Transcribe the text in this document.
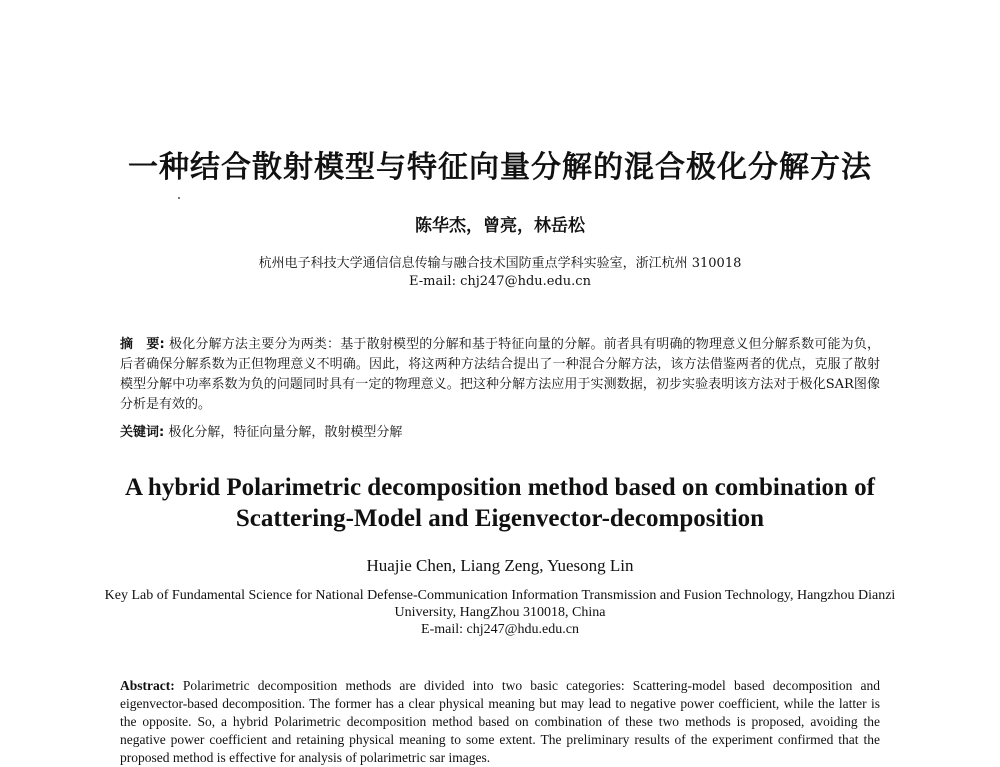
一种结合散射模型与特征向量分解的混合极化分解方法
陈华杰，曾亮，林岳松
杭州电子科技大学通信信息传输与融合技术国防重点学科实验室，浙江杭州 310018
E-mail: chj247@hdu.edu.cn
摘　要: 极化分解方法主要分为两类：基于散射模型的分解和基于特征向量的分解。前者具有明确的物理意义但分解系数可能为负，后者确保分解系数为正但物理意义不明确。因此，将这两种方法结合提出了一种混合分解方法，该方法借鉴两者的优点，克服了散射模型分解中功率系数为负的问题同时具有一定的物理意义。把这种分解方法应用于实测数据，初步实验表明该方法对于极化SAR图像分析是有效的。
关键词: 极化分解，特征向量分解，散射模型分解
A hybrid Polarimetric decomposition method based on combination of
Scattering-Model and Eigenvector-decomposition
Huajie Chen, Liang Zeng, Yuesong Lin
Key Lab of Fundamental Science for National Defense-Communication Information Transmission and Fusion Technology, Hangzhou Dianzi
University, HangZhou 310018, China
E-mail: chj247@hdu.edu.cn
Abstract: Polarimetric decomposition methods are divided into two basic categories: Scattering-model based decomposition and eigenvector-based decomposition. The former has a clear physical meaning but may lead to negative power coefficient, while the latter is the opposite. So, a hybrid Polarimetric decomposition method based on combination of these two methods is proposed, avoiding the negative power coefficient and retaining physical meaning to some extent. The preliminary results of the experiment confirmed that the proposed method is effective for analysis of polarimetric sar images.
